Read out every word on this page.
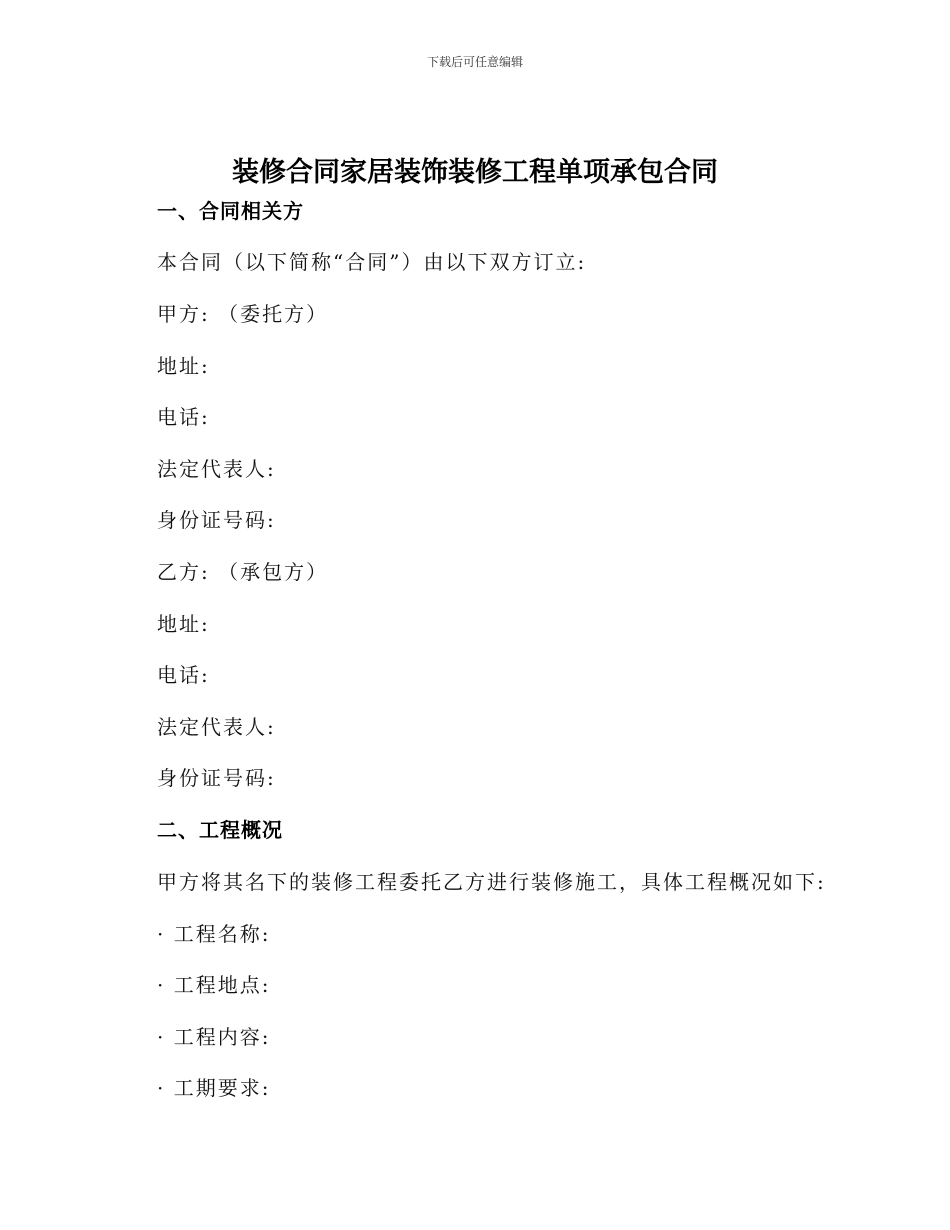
下载后可任意编辑
装修合同家居装饰装修工程单项承包合同
一、合同相关方
本合同（以下简称“合同”）由以下双方订立:
甲方: （委托方）
地址:
电话:
法定代表人:
身份证号码:
乙方: （承包方）
地址:
电话:
法定代表人:
身份证号码:
二、工程概况
甲方将其名下的装修工程委托乙方进行装修施工，具体工程概况如下:
· 工程名称:
· 工程地点:
· 工程内容:
· 工期要求:
